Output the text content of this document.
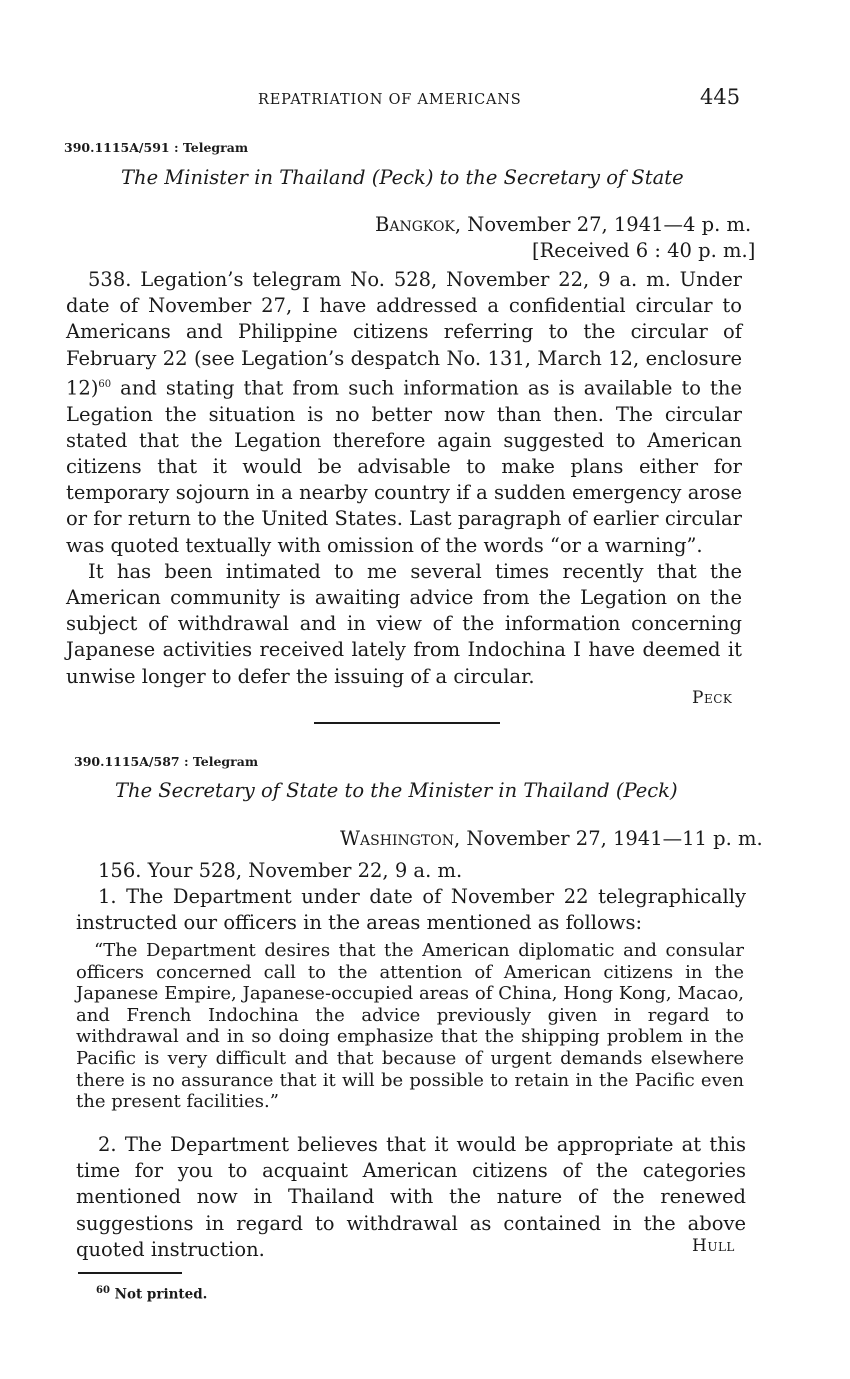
REPATRIATION OF AMERICANS	445
390.1115A/591 : Telegram
The Minister in Thailand (Peck) to the Secretary of State
Bangkok, November 27, 1941—4 p. m.
[Received 6 : 40 p. m.]

538. Legation’s telegram No. 528, November 22, 9 a. m. Under date of November 27, I have addressed a confidential circular to Americans and Philippine citizens referring to the circular of February 22 (see Legation’s despatch No. 131, March 12, enclosure 12)$^{60}$ and stating that from such information as is available to the Legation the situation is no better now than then. The circular stated that the Legation therefore again suggested to American citizens that it would be advisable to make plans either for temporary sojourn in a nearby country if a sudden emergency arose or for return to the United States. Last paragraph of earlier circular was quoted textually with omission of the words “or a warning”.

It has been intimated to me several times recently that the American community is awaiting advice from the Legation on the subject of withdrawal and in view of the information concerning Japanese activities received lately from Indochina I have deemed it unwise longer to defer the issuing of a circular.

Peck
390.1115A/587 : Telegram
The Secretary of State to the Minister in Thailand (Peck)
Washington, November 27, 1941—11 p. m.

156. Your 528, November 22, 9 a. m.

1. The Department under date of November 22 telegraphically instructed our officers in the areas mentioned as follows:

“The Department desires that the American diplomatic and consular officers concerned call to the attention of American citizens in the Japanese Empire, Japanese-occupied areas of China, Hong Kong, Macao, and French Indochina the advice previously given in regard to withdrawal and in so doing emphasize that the shipping problem in the Pacific is very difficult and that because of urgent demands elsewhere there is no assurance that it will be possible to retain in the Pacific even the present facilities.”

2. The Department believes that it would be appropriate at this time for you to acquaint American citizens of the categories mentioned now in Thailand with the nature of the renewed suggestions in regard to withdrawal as contained in the above quoted instruction.	Hull
$^{60}$ Not printed.
